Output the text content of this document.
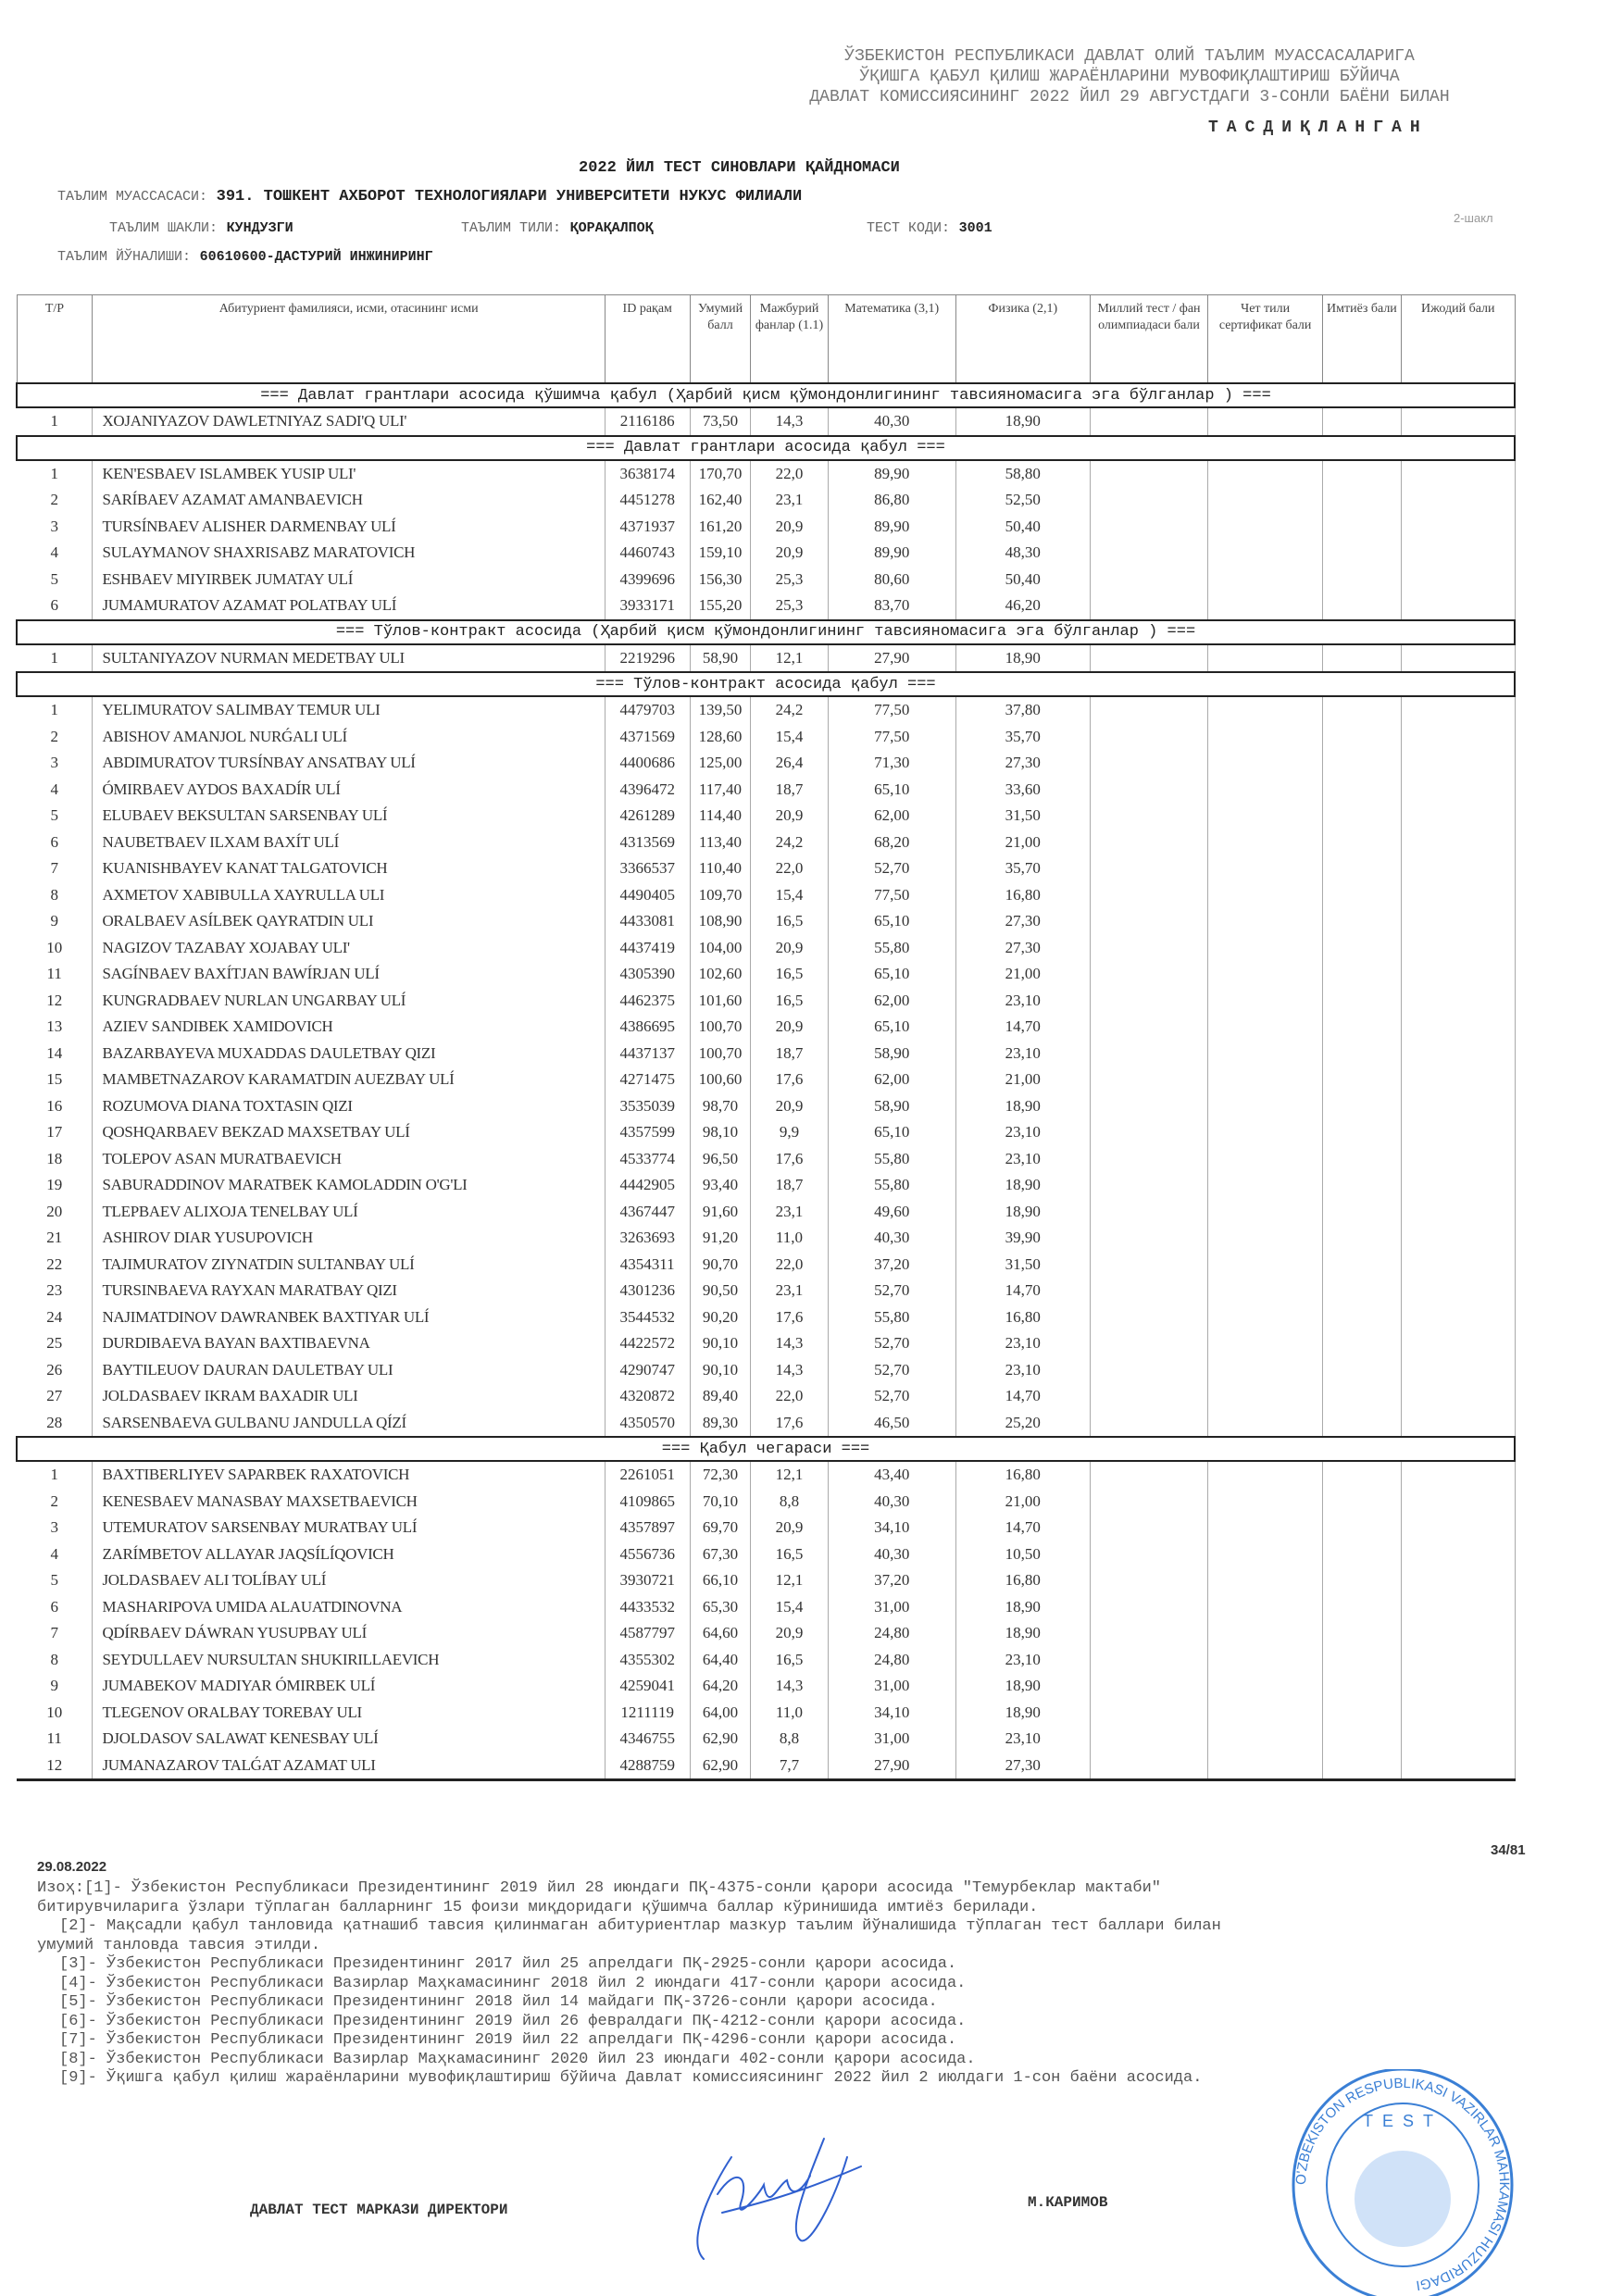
ЎЗБЕКИСТОН РЕСПУБЛИКАСИ ДАВЛАТ ОЛИЙ ТАЪЛИМ МУАССАСАЛАРИГА
ЎҚИШГА ҚАБУЛ ҚИЛИШ ЖАРАЁНЛАРИНИ МУВОФИҚЛАШТИРИШ БЎЙИЧА
ДАВЛАТ КОМИССИЯСИНИНГ 2022 ЙИЛ 29 АВГУСТДАГИ 3-СОНЛИ БАЁНИ БИЛАН
ТАСДИҚЛАНГАН
2022 ЙИЛ ТЕСТ СИНОВЛАРИ ҚАЙДНОМАСИ
ТАЪЛИМ МУАССАСАСИ: 391. ТОШКЕНТ АХБОРОТ ТЕХНОЛОГИЯЛАРИ УНИВЕРСИТЕТИ НУКУС ФИЛИАЛИ
ТАЪЛИМ ШАКЛИ: КУНДУЗГИ	ТАЪЛИМ ТИЛИ: ҚОРАҚАЛПОҚ	ТЕСТ КОДИ: 3001
ТАЪЛИМ ЙЎНАЛИШИ: 60610600-ДАСТУРИЙ ИНЖИНИРИНГ
2-шакл
Т/Р	Абитуриент фамилияси, исми, отасининг исми	ID рақам	Умумий балл	Мажбурий фанлар (1.1)	Математика (3,1)	Физика (2,1)	Миллий тест / фан олимпиадаси бали	Чет тили сертификат бали	Имтиёз бали	Ижодий бали
=== Давлат грантлари асосида қўшимча қабул (Ҳарбий қисм қўмондонлигининг тавсияномасига эга бўлганлар ) ===										
1	XOJANIYAZOV DAWLETNIYAZ SADI'Q ULI'	2116186	73,50	14,3	40,30	18,90				
=== Давлат грантлари асосида қабул ===										
1	KEN'ESBAEV ISLAMBEK YUSIP ULI'	3638174	170,70	22,0	89,90	58,80				
2	SARÍBAEV AZAMAT AMANBAEVICH	4451278	162,40	23,1	86,80	52,50				
3	TURSÍNBAEV ALISHER DARMENBAY ULÍ	4371937	161,20	20,9	89,90	50,40				
4	SULAYMANOV SHAXRISABZ MARATOVICH	4460743	159,10	20,9	89,90	48,30				
5	ESHBAEV MIYIRBEK JUMATAY ULÍ	4399696	156,30	25,3	80,60	50,40				
6	JUMAMURATOV AZAMAT POLATBAY ULÍ	3933171	155,20	25,3	83,70	46,20				
=== Тўлов-контракт асосида (Ҳарбий қисм қўмондонлигининг тавсияномасига эга бўлганлар ) ===										
1	SULTANIYAZOV NURMAN MEDETBAY ULI	2219296	58,90	12,1	27,90	18,90				
=== Тўлов-контракт асосида қабул ===										
1	YELIMURATOV SALIMBAY TEMUR ULI	4479703	139,50	24,2	77,50	37,80				
2	ABISHOV AMANJOL NURǴALI ULÍ	4371569	128,60	15,4	77,50	35,70				
3	ABDIMURATOV TURSÍNBAY ANSATBAY ULÍ	4400686	125,00	26,4	71,30	27,30				
4	ÓMIRBAEV AYDOS BAXADÍR ULÍ	4396472	117,40	18,7	65,10	33,60				
5	ELUBAEV BEKSULTAN SARSENBAY ULÍ	4261289	114,40	20,9	62,00	31,50				
6	NAUBETBAEV ILXAM BAXÍT ULÍ	4313569	113,40	24,2	68,20	21,00				
7	KUANISHBAYEV KANAT TALGATOVICH	3366537	110,40	22,0	52,70	35,70				
8	AXMETOV XABIBULLA XAYRULLA ULI	4490405	109,70	15,4	77,50	16,80				
9	ORALBAEV ASÍLBEK QAYRATDIN ULI	4433081	108,90	16,5	65,10	27,30				
10	NAGIZOV TAZABAY XOJABAY ULI'	4437419	104,00	20,9	55,80	27,30				
11	SAGÍNBAEV BAXÍTJAN BAWÍRJAN ULÍ	4305390	102,60	16,5	65,10	21,00				
12	KUNGRADBAEV NURLAN UNGARBAY ULÍ	4462375	101,60	16,5	62,00	23,10				
13	AZIEV SANDIBEK XAMIDOVICH	4386695	100,70	20,9	65,10	14,70				
14	BAZARBAYEVA MUXADDAS DAULETBAY QIZI	4437137	100,70	18,7	58,90	23,10				
15	MAMBETNAZAROV KARAMATDIN AUEZBAY ULÍ	4271475	100,60	17,6	62,00	21,00				
16	ROZUMOVA DIANA TOXTASIN QIZI	3535039	98,70	20,9	58,90	18,90				
17	QOSHQARBAEV BEKZAD MAXSETBAY ULÍ	4357599	98,10	9,9	65,10	23,10				
18	TOLEPOV ASAN MURATBAEVICH	4533774	96,50	17,6	55,80	23,10				
19	SABURADDINOV MARATBEK KAMOLADDIN O'G'LI	4442905	93,40	18,7	55,80	18,90				
20	TLEPBAEV ALIXOJA TENELBAY ULÍ	4367447	91,60	23,1	49,60	18,90				
21	ASHIROV DIAR YUSUPOVICH	3263693	91,20	11,0	40,30	39,90				
22	TAJIMURATOV ZIYNATDIN SULTANBAY ULÍ	4354311	90,70	22,0	37,20	31,50				
23	TURSINBAEVA RAYXAN MARATBAY QIZI	4301236	90,50	23,1	52,70	14,70				
24	NAJIMATDINOV DAWRANBEK BAXTIYAR ULÍ	3544532	90,20	17,6	55,80	16,80				
25	DURDIBAEVA BAYAN BAXTIBAEVNA	4422572	90,10	14,3	52,70	23,10				
26	BAYTILEUOV DAURAN DAULETBAY ULI	4290747	90,10	14,3	52,70	23,10				
27	JOLDASBAEV IKRAM BAXADIR ULI	4320872	89,40	22,0	52,70	14,70				
28	SARSENBAEVA GULBANU JANDULLA QÍZÍ	4350570	89,30	17,6	46,50	25,20				
=== Қабул чегараси ===										
1	BAXTIBERLIYEV SAPARBEK RAXATOVICH	2261051	72,30	12,1	43,40	16,80				
2	KENESBAEV MANASBAY MAXSETBAEVICH	4109865	70,10	8,8	40,30	21,00				
3	UTEMURATOV SARSENBAY MURATBAY ULÍ	4357897	69,70	20,9	34,10	14,70				
4	ZARÍMBETOV ALLAYAR JAQSÍLÍQOVICH	4556736	67,30	16,5	40,30	10,50				
5	JOLDASBAEV ALI TOLÍBAY ULÍ	3930721	66,10	12,1	37,20	16,80				
6	MASHARIPOVA UMIDA ALAUATDINOVNA	4433532	65,30	15,4	31,00	18,90				
7	QDÍRBAEV DÁWRAN YUSUPBAY ULÍ	4587797	64,60	20,9	24,80	18,90				
8	SEYDULLAEV NURSULTAN SHUKIRILLAEVICH	4355302	64,40	16,5	24,80	23,10				
9	JUMABEKOV MADIYAR ÓMIRBEK ULÍ	4259041	64,20	14,3	31,00	18,90				
10	TLEGENOV ORALBAY TOREBAY ULI	1211119	64,00	11,0	34,10	18,90				
11	DJOLDASOV SALAWAT KENESBAY ULÍ	4346755	62,90	8,8	31,00	23,10				
12	JUMANAZAROV TALǴAT AZAMAT ULI	4288759	62,90	7,7	27,90	27,30				
34/81
29.08.2022
Изоҳ:[1]- Ўзбекистон Республикаси Президентининг 2019 йил 28 июндаги ПҚ-4375-сонли қарори асосида "Темурбеклар мактаби"
битирувчиларига ўзлари тўплаган балларнинг 15 фоизи миқдоридаги қўшимча баллар кўринишида имтиёз берилади.
[2]- Мақсадли қабул танловида қатнашиб тавсия қилинмаган абитуриентлар мазкур таълим йўналишида тўплаган тест баллари билан
умумий танловда тавсия этилди.
[3]- Ўзбекистон Республикаси Президентининг 2017 йил 25 апрелдаги ПҚ-2925-сонли қарори асосида.
[4]- Ўзбекистон Республикаси Вазирлар Маҳкамасининг 2018 йил 2 июндаги 417-сонли қарори асосида.
[5]- Ўзбекистон Республикаси Президентининг 2018 йил 14 майдаги ПҚ-3726-сонли қарори асосида.
[6]- Ўзбекистон Республикаси Президентининг 2019 йил 26 февралдаги ПҚ-4212-сонли қарори асосида.
[7]- Ўзбекистон Республикаси Президентининг 2019 йил 22 апрелдаги ПҚ-4296-сонли қарори асосида.
[8]- Ўзбекистон Республикаси Вазирлар Маҳкамасининг 2020 йил 23 июндаги 402-сонли қарори асосида.
[9]- Ўқишга қабул қилиш жараёнларини мувофиқлаштириш бўйича Давлат комиссиясининг 2022 йил 2 июлдаги 1-сон баёни асосида.
ДАВЛАТ ТЕСТ МАРКАЗИ ДИРЕКТОРИ	М.КАРИМОВ
O'ZBEKISTON RESPUBLIKASI VAZIRLAR MAHKAMASI HUZURIDAGI
TEST
